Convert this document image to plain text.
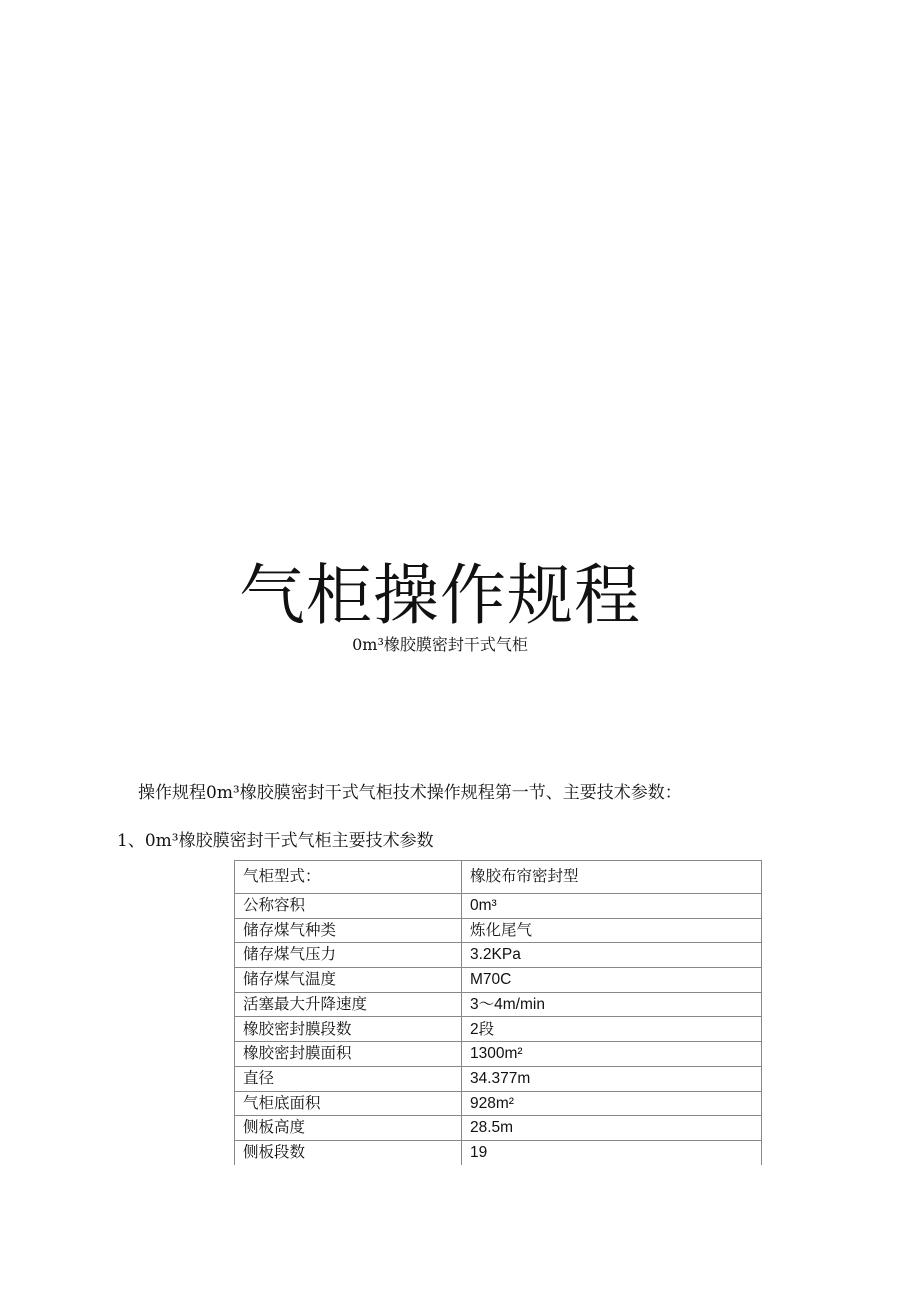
气柜操作规程
0m³橡胶膜密封干式气柜
操作规程0m³橡胶膜密封干式气柜技术操作规程第一节、主要技术参数：
1、0m³橡胶膜密封干式气柜主要技术参数
气柜型式：	橡胶布帘密封型
公称容积	0m³
储存煤气种类	炼化尾气
储存煤气压力	3.2KPa
储存煤气温度	M70C
活塞最大升降速度	3～4m/min
橡胶密封膜段数	2段
橡胶密封膜面积	1300m²
直径	34.377m
气柜底面积	928m²
侧板高度	28.5m
侧板段数	19
